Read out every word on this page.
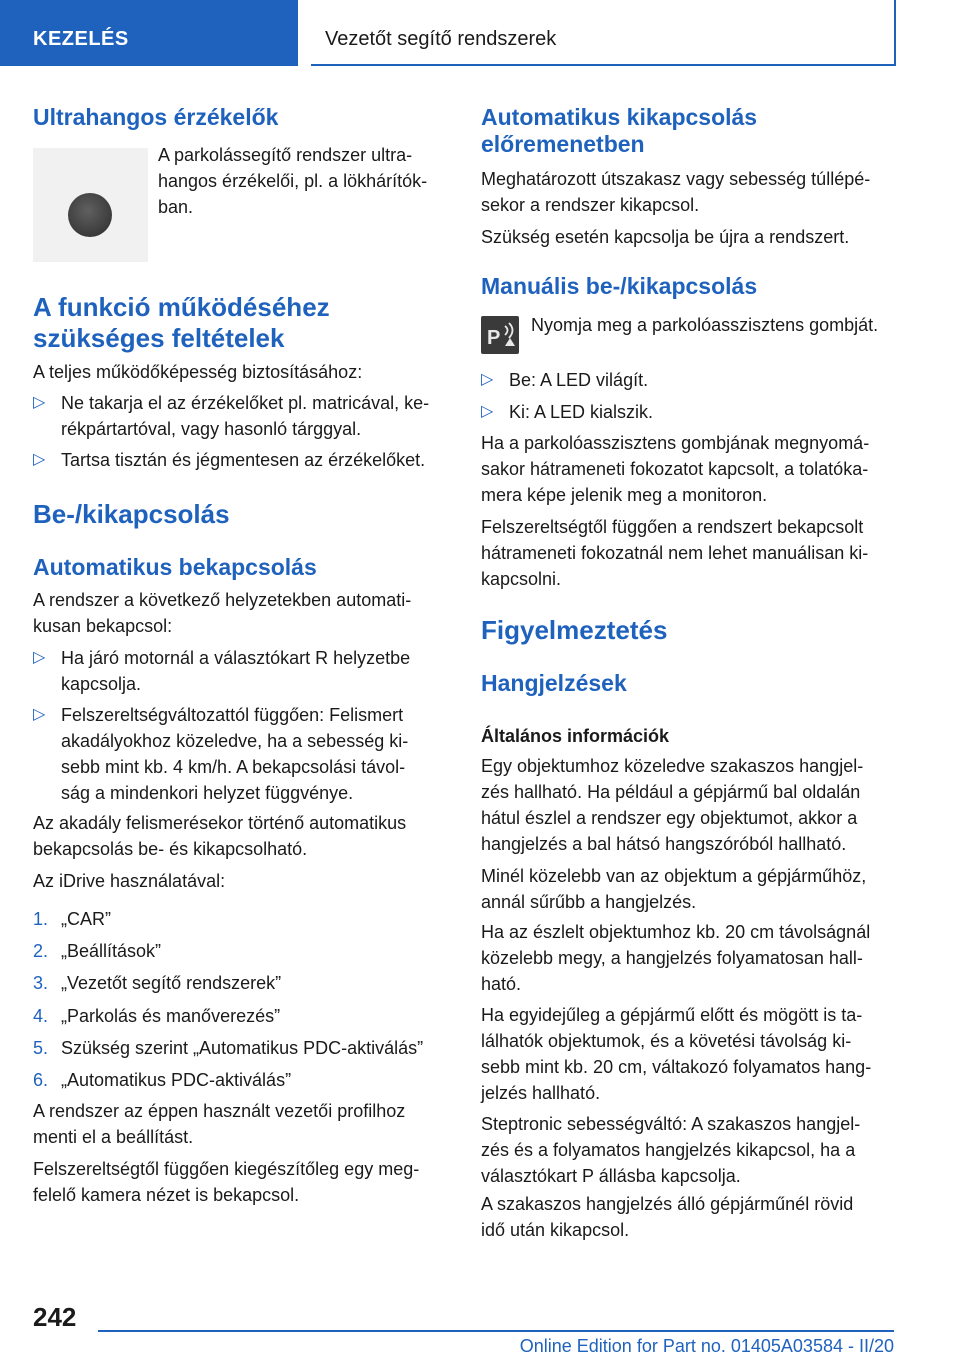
KEZELÉS	Vezetőt segítő rendszerek
Ultrahangos érzékelők
A parkolássegítő rendszer ultra-
hangos érzékelői, pl. a lökhárítók-
ban.
A funkció működéséhez
szükséges feltételek
A teljes működőképesség biztosításához:
▷ Ne takarja el az érzékelőket pl. matricával, ke-
rékpártartóval, vagy hasonló tárggyal.
▷ Tartsa tisztán és jégmentesen az érzékelőket.
Be-/kikapcsolás
Automatikus bekapcsolás
A rendszer a következő helyzetekben automati-
kusan bekapcsol:
▷ Ha járó motornál a választókart R helyzetbe
kapcsolja.
▷ Felszereltségváltozattól függően: Felismert
akadályokhoz közeledve, ha a sebesség ki-
sebb mint kb. 4 km/h. A bekapcsolási távol-
ság a mindenkori helyzet függvénye.
Az akadály felismerésekor történő automatikus
bekapcsolás be- és kikapcsolható.
Az iDrive használatával:
1. „CAR”
2. „Beállítások”
3. „Vezetőt segítő rendszerek”
4. „Parkolás és manőverezés”
5. Szükség szerint „Automatikus PDC-aktiválás”
6. „Automatikus PDC-aktiválás”
A rendszer az éppen használt vezetői profilhoz
menti el a beállítást.
Felszereltségtől függően kiegészítőleg egy meg-
felelő kamera nézet is bekapcsol.
Automatikus kikapcsolás
előremenetben
Meghatározott útszakasz vagy sebesség túllépé-
sekor a rendszer kikapcsol.
Szükség esetén kapcsolja be újra a rendszert.
Manuális be-/kikapcsolás
P
Nyomja meg a parkolóasszisztens gombját.
▷ Be: A LED világít.
▷ Ki: A LED kialszik.
Ha a parkolóasszisztens gombjának megnyomá-
sakor hátrameneti fokozatot kapcsolt, a tolatóka-
mera képe jelenik meg a monitoron.
Felszereltségtől függően a rendszert bekapcsolt
hátrameneti fokozatnál nem lehet manuálisan ki-
kapcsolni.
Figyelmeztetés
Hangjelzések
Általános információk
Egy objektumhoz közeledve szakaszos hangjel-
zés hallható. Ha például a gépjármű bal oldalán
hátul észlel a rendszer egy objektumot, akkor a
hangjelzés a bal hátsó hangszóróból hallható.
Minél közelebb van az objektum a gépjárműhöz,
annál sűrűbb a hangjelzés.
Ha az észlelt objektumhoz kb. 20 cm távolságnál
közelebb megy, a hangjelzés folyamatosan hall-
ható.
Ha egyidejűleg a gépjármű előtt és mögött is ta-
lálhatók objektumok, és a követési távolság ki-
sebb mint kb. 20 cm, váltakozó folyamatos hang-
jelzés hallható.
Steptronic sebességváltó: A szakaszos hangjel-
zés és a folyamatos hangjelzés kikapcsol, ha a
választókart P állásba kapcsolja.
A szakaszos hangjelzés álló gépjárműnél rövid
idő után kikapcsol.
242
Online Edition for Part no. 01405A03584 - II/20
